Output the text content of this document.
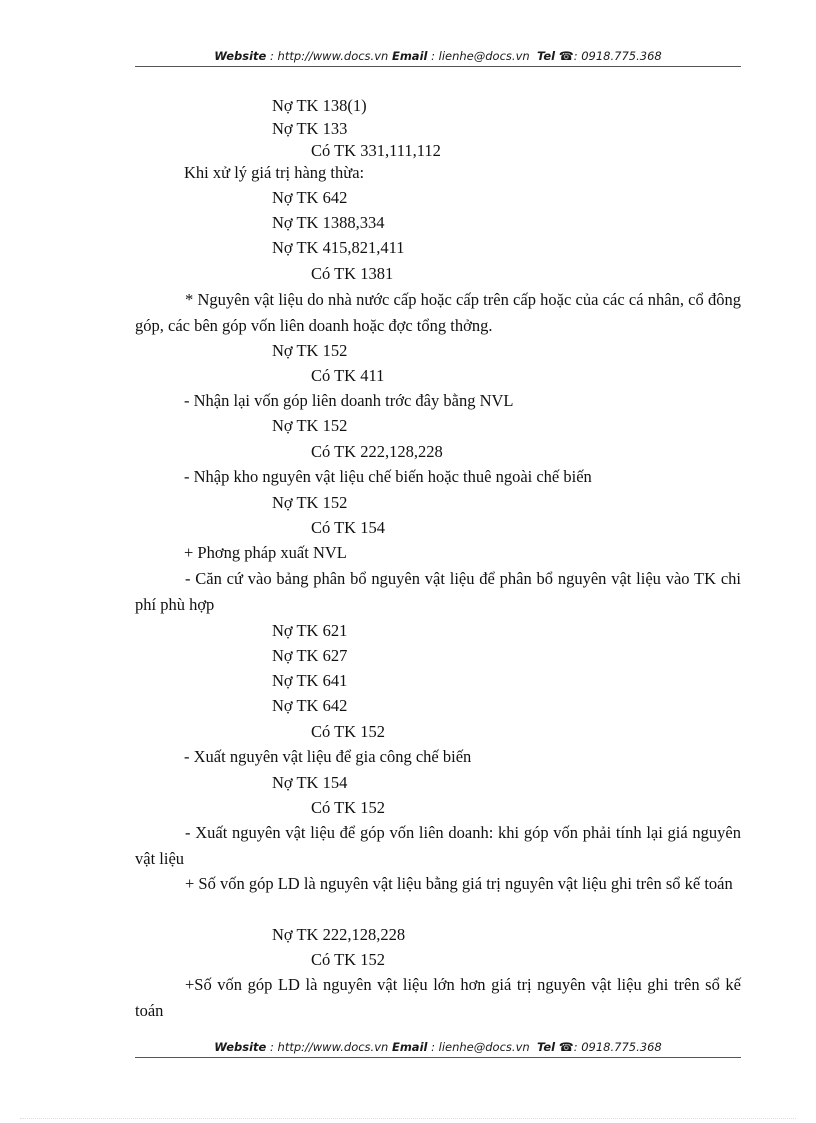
Website : http://www.docs.vn Email : lienhe@docs.vn Tel ☎: 0918.775.368
Nợ TK 138(1)
Nợ TK 133
Có TK 331,111,112
Khi xử lý giá trị hàng thừa:
Nợ TK 642
Nợ TK 1388,334
Nợ TK 415,821,411
Có TK 1381
* Nguyên vật liệu do nhà nước cấp hoặc cấp trên cấp hoặc của các cá nhân, cổ đông góp, các bên góp vốn liên doanh hoặc đợc tổng thởng.
Nợ TK 152
Có TK 411
- Nhận lại vốn góp liên doanh trớc đây bằng NVL
Nợ TK 152
Có TK 222,128,228
- Nhập kho nguyên vật liệu chế biến hoặc thuê ngoài chế biến
Nợ TK 152
Có TK 154
+ Phơng pháp xuất NVL
- Căn cứ vào bảng phân bổ nguyên vật liệu để phân bổ nguyên vật liệu vào TK chi phí phù hợp
Nợ TK 621
Nợ TK 627
Nợ TK 641
Nợ TK 642
Có TK 152
- Xuất nguyên vật liệu để gia công chế biến
Nợ TK 154
Có TK 152
- Xuất nguyên vật liệu để góp vốn liên doanh: khi góp vốn phải tính lại giá nguyên vật liệu
+ Số vốn góp LD là nguyên vật liệu bằng giá trị nguyên vật liệu ghi trên sổ kế toán
Nợ TK 222,128,228
Có TK 152
+Số vốn góp LD là nguyên vật liệu lớn hơn giá trị nguyên vật liệu ghi trên sổ kế toán
Website : http://www.docs.vn Email : lienhe@docs.vn Tel ☎: 0918.775.368
